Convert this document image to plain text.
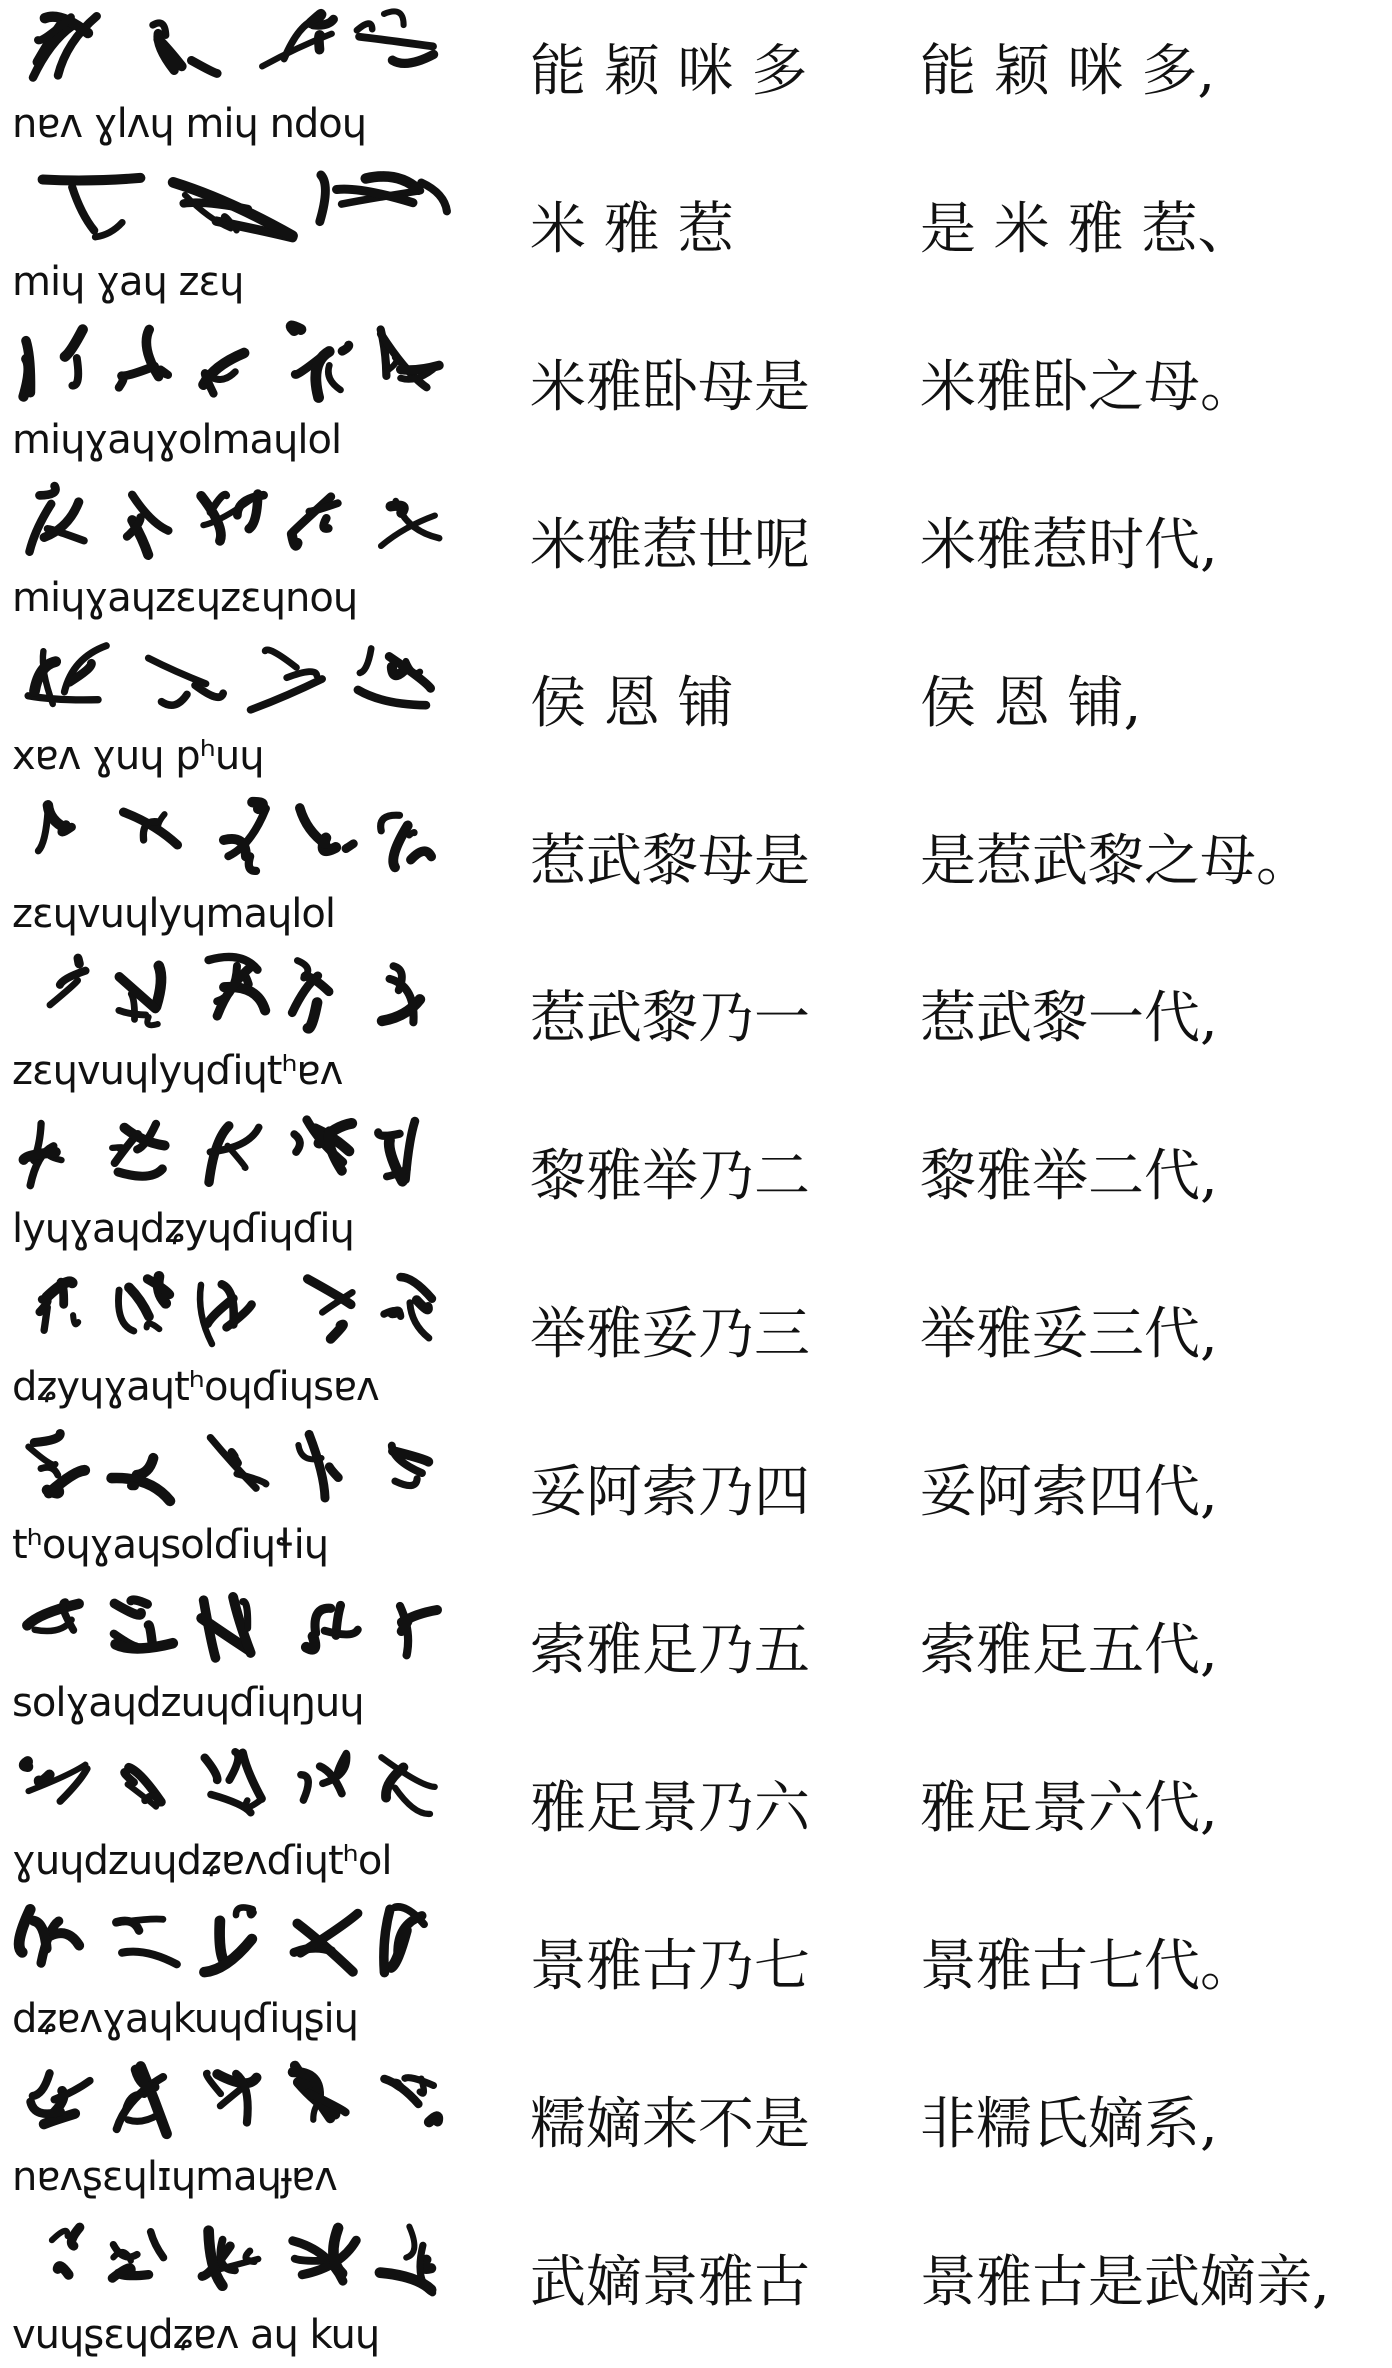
nɐʌ ɣlʌɥ miɥ ndoɥ
能 颖 咪 多	能 颖 咪 多,
miɥ ɣaɥ zɛɥ
米 雅 惹	是 米 雅 惹、
miɥɣaɥɣolmaɥlol
米雅卧母是	米雅卧之母。
miɥɣaɥzɛɥzɛɥnoɥ
米雅惹世呢	米雅惹时代,
xɐʌ ɣuɥ pʰuɥ
侯 恩 铺	侯 恩 铺,
zɛɥvuɥlyɥmaɥlol
惹武黎母是	是惹武黎之母。
zɛɥvuɥlyɥɗiɥtʰɐʌ
惹武黎乃一	惹武黎一代,
lyɥɣaɥdʑyɥɗiɥɗiɥ
黎雅举乃二	黎雅举二代,
dʑyɥɣaɥtʰoɥɗiɥsɐʌ
举雅妥乃三	举雅妥三代,
tʰoɥɣaɥsolɗiɥɬiɥ
妥阿索乃四	妥阿索四代,
solɣaɥdzuɥɗiɥŋuɥ
索雅足乃五	索雅足五代,
ɣuɥdzuɥdʑɐʌɗiɥtʰol
雅足景乃六	雅足景六代,
dʑɐʌɣaɥkuɥɗiɥʂiɥ
景雅古乃七	景雅古七代。
nɐʌʂɛɥlɪɥmaɥɟɐʌ
糯嫡来不是	非糯氏嫡系,
vuɥʂɛɥdʑɐʌ aɥ kuɥ
武嫡景雅古	景雅古是武嫡亲,
